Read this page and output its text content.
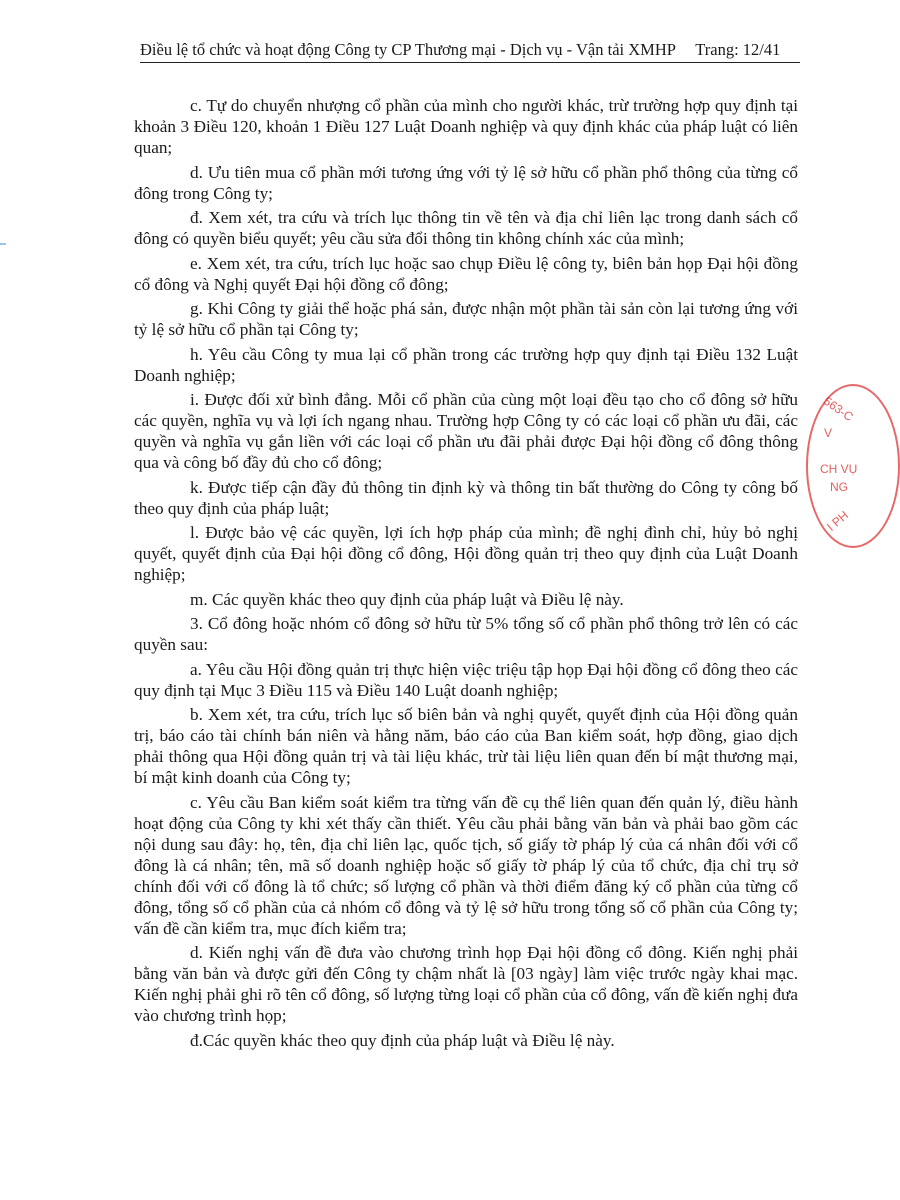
Điều lệ tổ chức và hoạt động Công ty CP Thương mại - Dịch vụ - Vận tải XMHP Trang: 12/41

c. Tự do chuyển nhượng cổ phần của mình cho người khác, trừ trường hợp quy định tại khoản 3 Điều 120, khoản 1 Điều 127 Luật Doanh nghiệp và quy định khác của pháp luật có liên quan;

d. Ưu tiên mua cổ phần mới tương ứng với tỷ lệ sở hữu cổ phần phổ thông của từng cổ đông trong Công ty;

đ. Xem xét, tra cứu và trích lục thông tin về tên và địa chỉ liên lạc trong danh sách cổ đông có quyền biểu quyết; yêu cầu sửa đổi thông tin không chính xác của mình;

e. Xem xét, tra cứu, trích lục hoặc sao chụp Điều lệ công ty, biên bản họp Đại hội đồng cổ đông và Nghị quyết Đại hội đồng cổ đông;

g. Khi Công ty giải thể hoặc phá sản, được nhận một phần tài sản còn lại tương ứng với tỷ lệ sở hữu cổ phần tại Công ty;

h. Yêu cầu Công ty mua lại cổ phần trong các trường hợp quy định tại Điều 132 Luật Doanh nghiệp;

i. Được đối xử bình đẳng. Mỗi cổ phần của cùng một loại đều tạo cho cổ đông sở hữu các quyền, nghĩa vụ và lợi ích ngang nhau. Trường hợp Công ty có các loại cổ phần ưu đãi, các quyền và nghĩa vụ gắn liền với các loại cổ phần ưu đãi phải được Đại hội đồng cổ đông thông qua và công bố đầy đủ cho cổ đông;

k. Được tiếp cận đầy đủ thông tin định kỳ và thông tin bất thường do Công ty công bố theo quy định của pháp luật;

l. Được bảo vệ các quyền, lợi ích hợp pháp của mình; đề nghị đình chỉ, hủy bỏ nghị quyết, quyết định của Đại hội đồng cổ đông, Hội đồng quản trị theo quy định của Luật Doanh nghiệp;

m. Các quyền khác theo quy định của pháp luật và Điều lệ này.

3. Cổ đông hoặc nhóm cổ đông sở hữu từ 5% tổng số cổ phần phổ thông trở lên có các quyền sau:

a. Yêu cầu Hội đồng quản trị thực hiện việc triệu tập họp Đại hội đồng cổ đông theo các quy định tại Mục 3 Điều 115 và Điều 140 Luật doanh nghiệp;

b. Xem xét, tra cứu, trích lục số biên bản và nghị quyết, quyết định của Hội đồng quản trị, báo cáo tài chính bán niên và hằng năm, báo cáo của Ban kiểm soát, hợp đồng, giao dịch phải thông qua Hội đồng quản trị và tài liệu khác, trừ tài liệu liên quan đến bí mật thương mại, bí mật kinh doanh của Công ty;

c. Yêu cầu Ban kiểm soát kiểm tra từng vấn đề cụ thể liên quan đến quản lý, điều hành hoạt động của Công ty khi xét thấy cần thiết. Yêu cầu phải bằng văn bản và phải bao gồm các nội dung sau đây: họ, tên, địa chỉ liên lạc, quốc tịch, số giấy tờ pháp lý của cá nhân đối với cổ đông là cá nhân; tên, mã số doanh nghiệp hoặc số giấy tờ pháp lý của tổ chức, địa chỉ trụ sở chính đối với cổ đông là tổ chức; số lượng cổ phần và thời điểm đăng ký cổ phần của từng cổ đông, tổng số cổ phần của cả nhóm cổ đông và tỷ lệ sở hữu trong tổng số cổ phần của Công ty; vấn đề cần kiểm tra, mục đích kiểm tra;

d. Kiến nghị vấn đề đưa vào chương trình họp Đại hội đồng cổ đông. Kiến nghị phải bằng văn bản và được gửi đến Công ty chậm nhất là [03 ngày] làm việc trước ngày khai mạc. Kiến nghị phải ghi rõ tên cổ đông, số lượng từng loại cổ phần của cổ đông, vấn đề kiến nghị đưa vào chương trình họp;

đ.Các quyền khác theo quy định của pháp luật và Điều lệ này.

563-C
V
CH VỤ
NG
I PH
